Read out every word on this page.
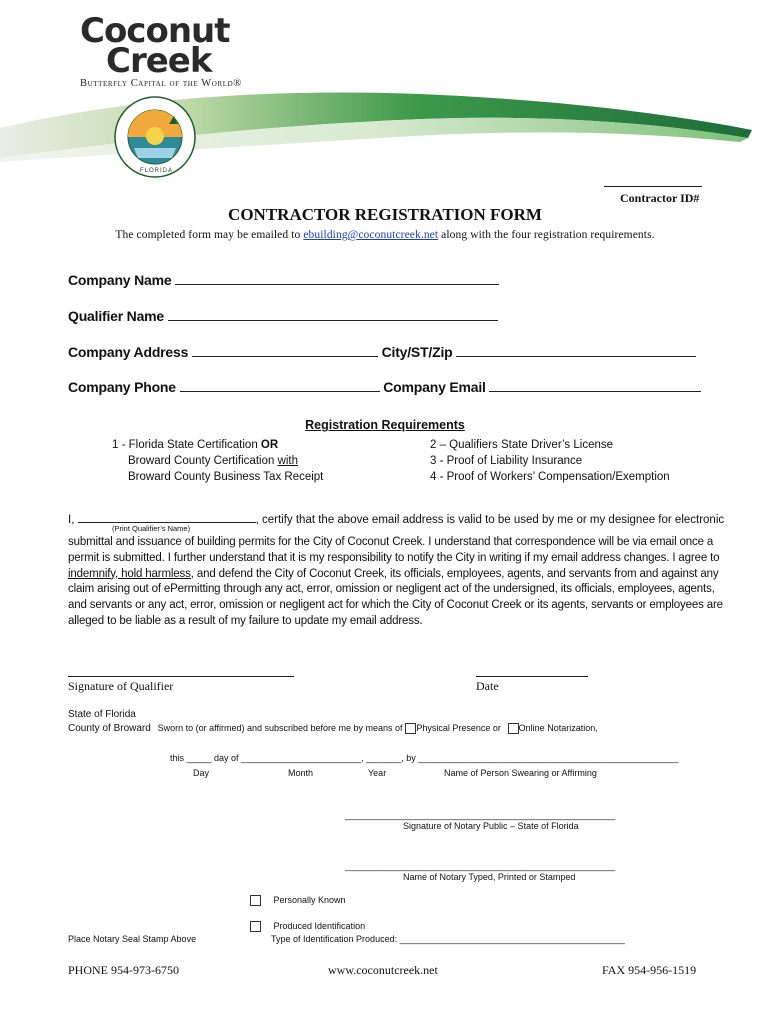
Coconut
Creek
Butterfly Capital of the World®
FLORIDA
Contractor ID#
CONTRACTOR REGISTRATION FORM
The completed form may be emailed to ebuilding@coconutcreek.net along with the four registration requirements.
Company Name
Qualifier Name
Company Address	City/ST/Zip
Company Phone	Company Email
Registration Requirements
1 - Florida State Certification OR
Broward County Certification with
Broward County Business Tax Receipt
2 – Qualifiers State Driver’s License
3 - Proof of Liability Insurance
4 - Proof of Workers’ Compensation/Exemption
I,	, certify that the above email address is valid to be used by me or my designee for electronic
(Print Qualifier’s Name)
submittal and issuance of building permits for the City of Coconut Creek. I understand that correspondence will be via email once a
permit is submitted. I further understand that it is my responsibility to notify the City in writing if my email address changes. I agree to
indemnify, hold harmless, and defend the City of Coconut Creek, its officials, employees, agents, and servants from and against any
claim arising out of ePermitting through any act, error, omission or negligent act of the undersigned, its officials, employees, agents,
and servants or any act, error, omission or negligent act for which the City of Coconut Creek or its agents, servants or employees are
alleged to be liable as a result of my failure to update my email address.
Signature of Qualifier	Date
State of Florida
County of Broward Sworn to (or affirmed) and subscribed before me by means of Physical Presence or Online Notarization,
this _____ day of ________________________, _______, by ____________________________________________________
Day	Month	Year	Name of Person Swearing or Affirming
______________________________________________________
Signature of Notary Public – State of Florida
______________________________________________________
Name of Notary Typed, Printed or Stamped
Personally Known
Produced Identification
Type of Identification Produced: _____________________________________________
Place Notary Seal Stamp Above
PHONE 954-973-6750	www.coconutcreek.net	FAX 954-956-1519
